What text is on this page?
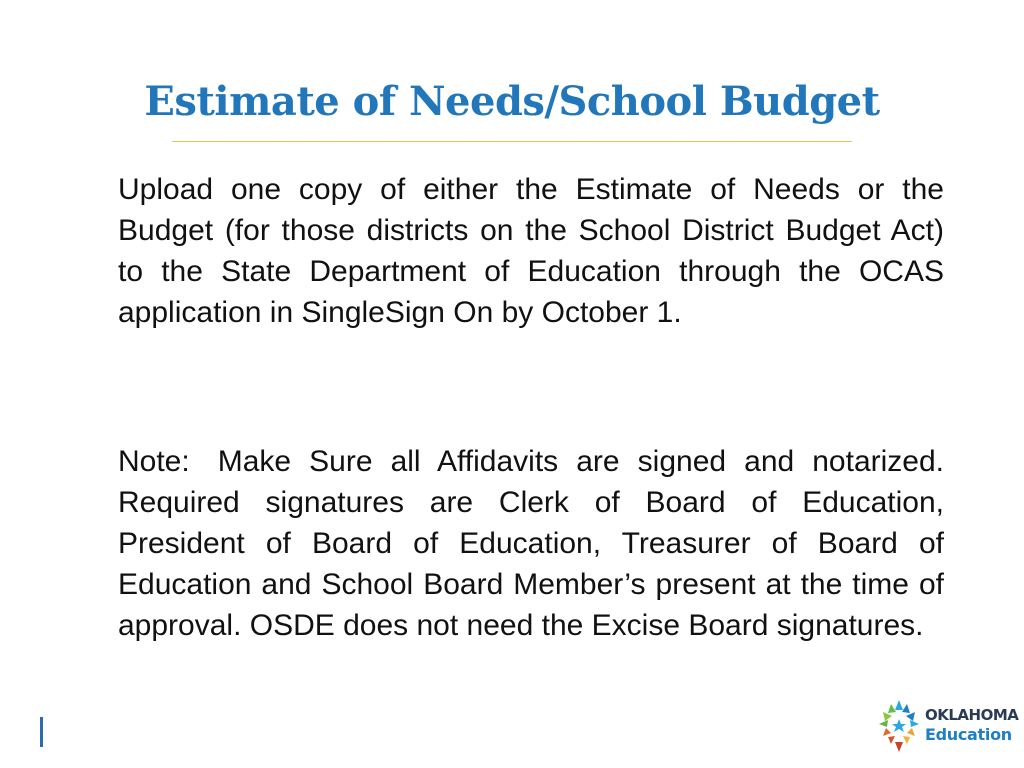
Estimate of Needs/School Budget

Upload one copy of either the Estimate of Needs or the Budget (for those districts on the School District Budget Act) to the State Department of Education through the OCAS application in SingleSign On by October 1.

Note: Make Sure all Affidavits are signed and notarized. Required signatures are Clerk of Board of Education, President of Board of Education, Treasurer of Board of Education and School Board Member’s present at the time of approval. OSDE does not need the Excise Board signatures.

OKLAHOMA
Education
